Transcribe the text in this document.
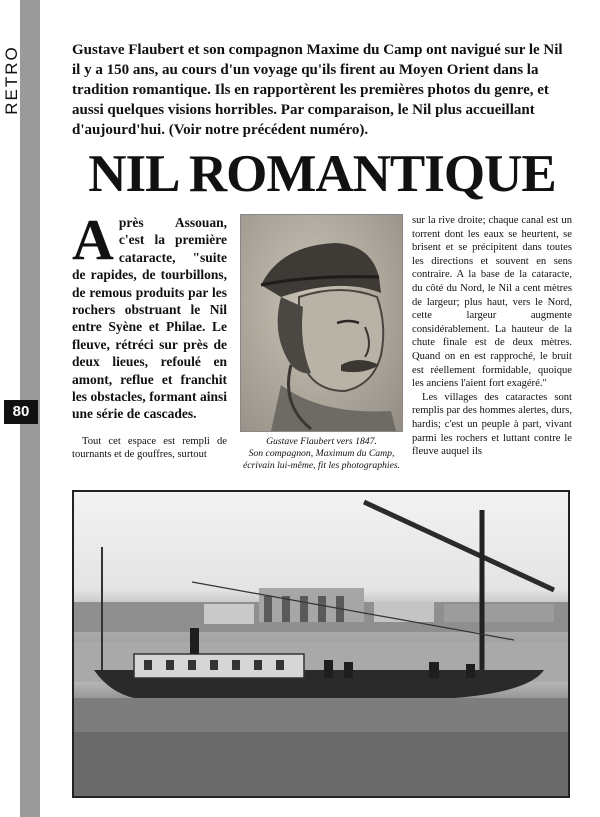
RETRO
80

Gustave Flaubert et son compagnon Maxime du Camp ont navigué sur le Nil il y a 150 ans, au cours d'un voyage qu'ils firent au Moyen Orient dans la tradition romantique. Ils en rapportèrent les premières photos du genre, et aussi quelques visions horribles. Par comparaison, le Nil plus accueillant d'aujourd'hui. (Voir notre précédent numéro).

NIL ROMANTIQUE

Après Assouan, c'est la première cataracte, "suite de rapides, de tourbillons, de remous produits par les rochers obstruant le Nil entre Syène et Philae. Le fleuve, rétréci sur près de deux lieues, refoulé en amont, reflue et franchit les obstacles, formant ainsi une série de cascades.

Tout cet espace est rempli de tournants et de gouffres, surtout

Gustave Flaubert vers 1847.
Son compagnon, Maximum du Camp, écrivain lui-même, fit les photographies.

sur la rive droite; chaque canal est un torrent dont les eaux se heurtent, se brisent et se précipitent dans toutes les directions et souvent en sens contraire. A la base de la cataracte, du côté du Nord, le Nil a cent mètres de largeur; plus haut, vers le Nord, cette largeur augmente considérablement. La hauteur de la chute finale est de deux mètres. Quand on en est rapproché, le bruit est réellement formidable, quoique les anciens l'aient fort exagéré."

Les villages des cataractes sont remplis par des hommes alertes, durs, hardis; c'est un peuple à part, vivant parmi les rochers et luttant contre le fleuve auquel ils
